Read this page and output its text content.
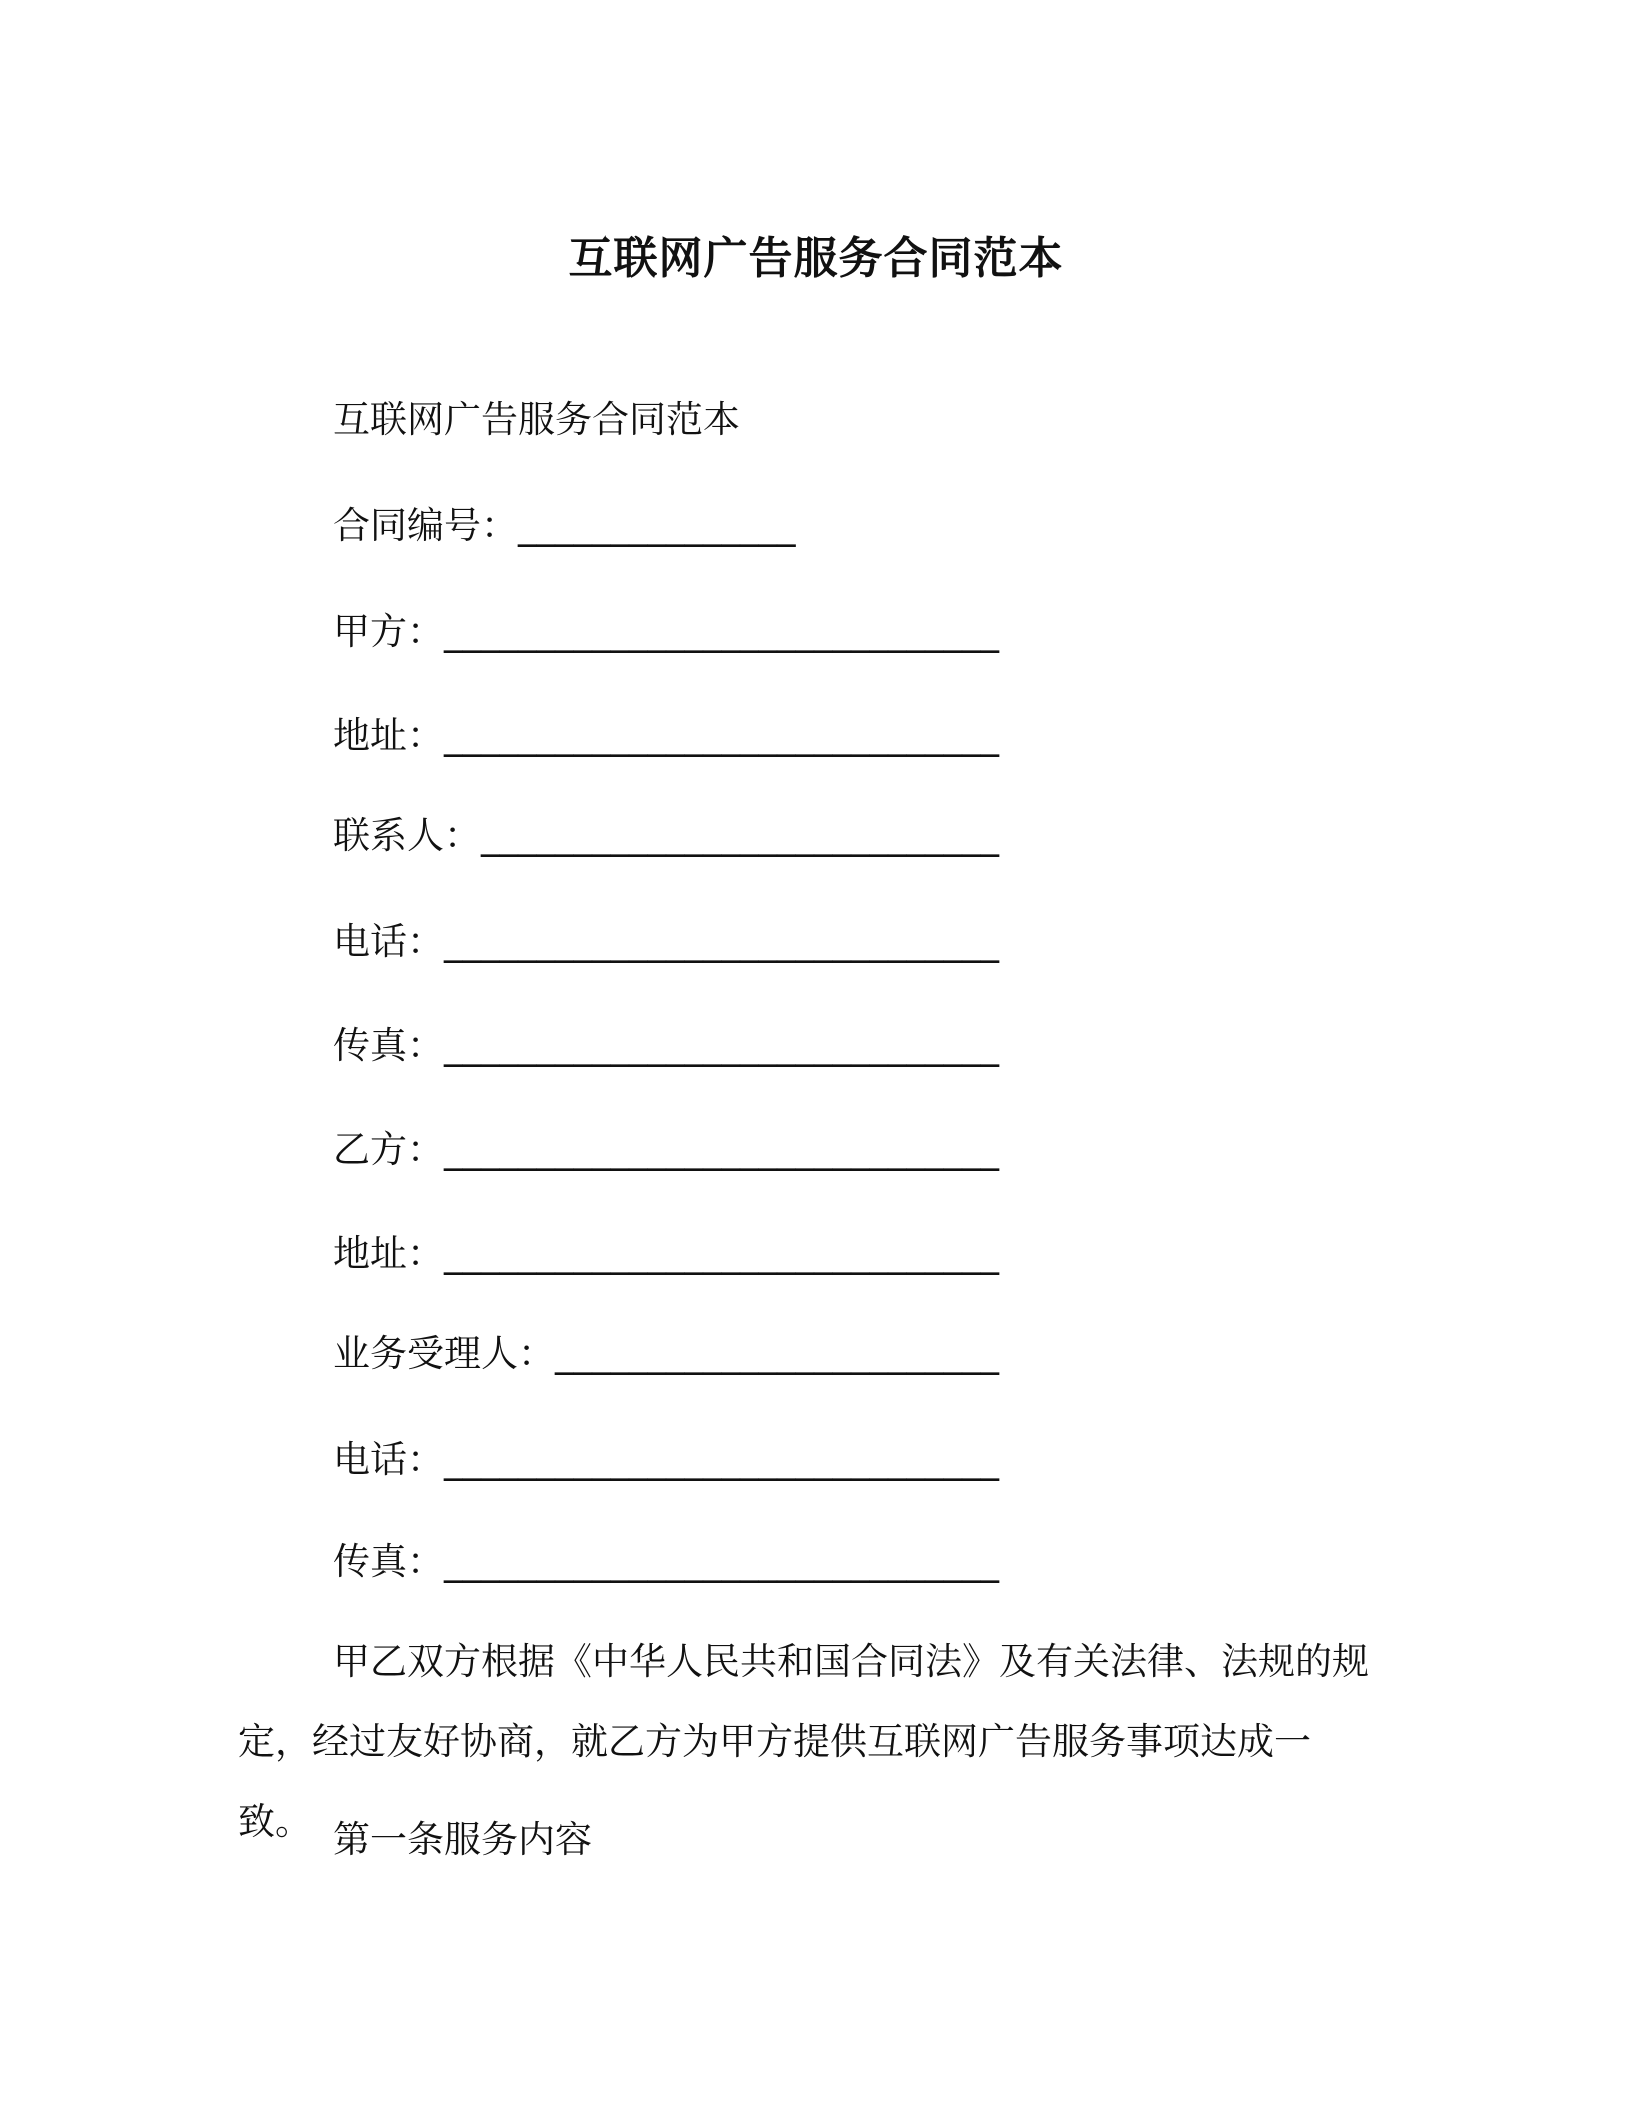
互联网广告服务合同范本
互联网广告服务合同范本
合同编号：_______________
甲方：______________________________
地址：______________________________
联系人：____________________________
电话：______________________________
传真：______________________________
乙方：______________________________
地址：______________________________
业务受理人：________________________
电话：______________________________
传真：______________________________

甲乙双方根据《中华人民共和国合同法》及有关法律、法规的规定，经过友好协商，就乙方为甲方提供互联网广告服务事项达成一致。 第一条服务内容
